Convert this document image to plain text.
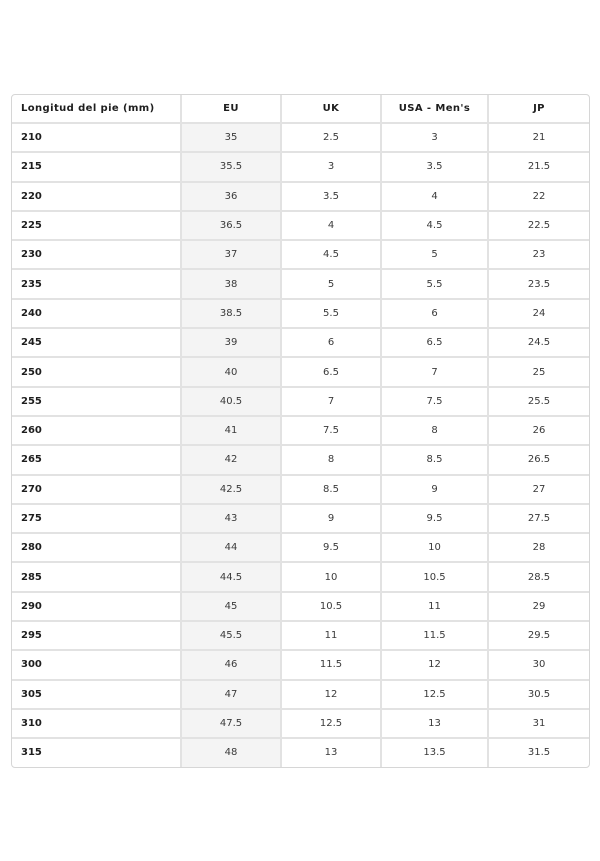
Longitud del pie (mm)	EU	UK	USA - Men's	JP
210	35	2.5	3	21
215	35.5	3	3.5	21.5
220	36	3.5	4	22
225	36.5	4	4.5	22.5
230	37	4.5	5	23
235	38	5	5.5	23.5
240	38.5	5.5	6	24
245	39	6	6.5	24.5
250	40	6.5	7	25
255	40.5	7	7.5	25.5
260	41	7.5	8	26
265	42	8	8.5	26.5
270	42.5	8.5	9	27
275	43	9	9.5	27.5
280	44	9.5	10	28
285	44.5	10	10.5	28.5
290	45	10.5	11	29
295	45.5	11	11.5	29.5
300	46	11.5	12	30
305	47	12	12.5	30.5
310	47.5	12.5	13	31
315	48	13	13.5	31.5
